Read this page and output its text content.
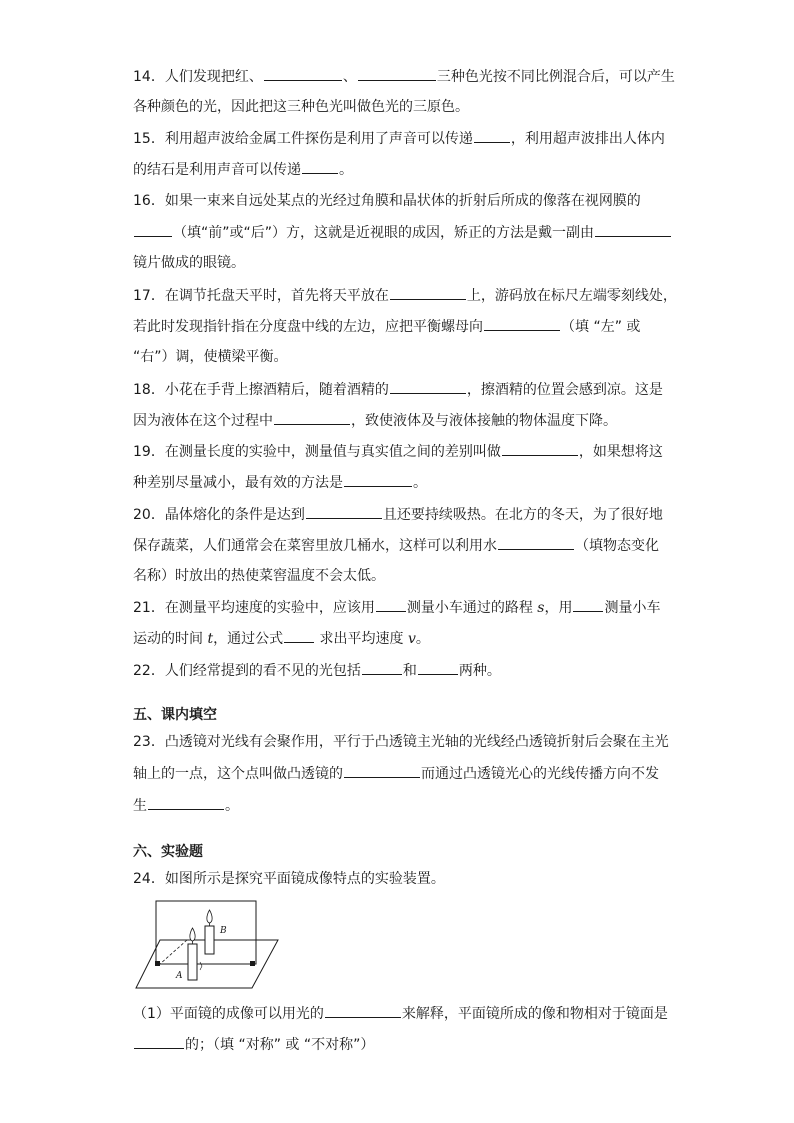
14．人们发现把红、	、	三种色光按不同比例混合后，可以产生
各种颜色的光，因此把这三种色光叫做色光的三原色。
15．利用超声波给金属工件探伤是利用了声音可以传递	，利用超声波排出人体内
的结石是利用声音可以传递	。
16．如果一束来自远处某点的光经过角膜和晶状体的折射后所成的像落在视网膜的
（填“前”或“后”）方，这就是近视眼的成因，矫正的方法是戴一副由
镜片做成的眼镜。
17．在调节托盘天平时，首先将天平放在	上，游码放在标尺左端零刻线处，
若此时发现指针指在分度盘中线的左边，应把平衡螺母向	（填 “左” 或
“右”）调，使横梁平衡。
18．小花在手背上擦酒精后，随着酒精的	，擦酒精的位置会感到凉。这是
因为液体在这个过程中	，致使液体及与液体接触的物体温度下降。
19．在测量长度的实验中，测量值与真实值之间的差别叫做	，如果想将这
种差别尽量减小，最有效的方法是	。
20．晶体熔化的条件是达到	且还要持续吸热。在北方的冬天，为了很好地
保存蔬菜，人们通常会在菜窖里放几桶水，这样可以利用水	（填物态变化
名称）时放出的热使菜窖温度不会太低。
21．在测量平均速度的实验中，应该用 测量小车通过的路程 s，用 测量小车
运动的时间 t，通过公式	求出平均速度 v。
22．人们经常提到的看不见的光包括	和	两种。
五、课内填空
23．凸透镜对光线有会聚作用，平行于凸透镜主光轴的光线经凸透镜折射后会聚在主光
轴上的一点，这个点叫做凸透镜的	而通过凸透镜光心的光线传播方向不发
生	。
六、实验题
24．如图所示是探究平面镜成像特点的实验装置。
B
A
（1）平面镜的成像可以用光的	来解释，平面镜所成的像和物相对于镜面是
的；（填 “对称” 或 “不对称”）
